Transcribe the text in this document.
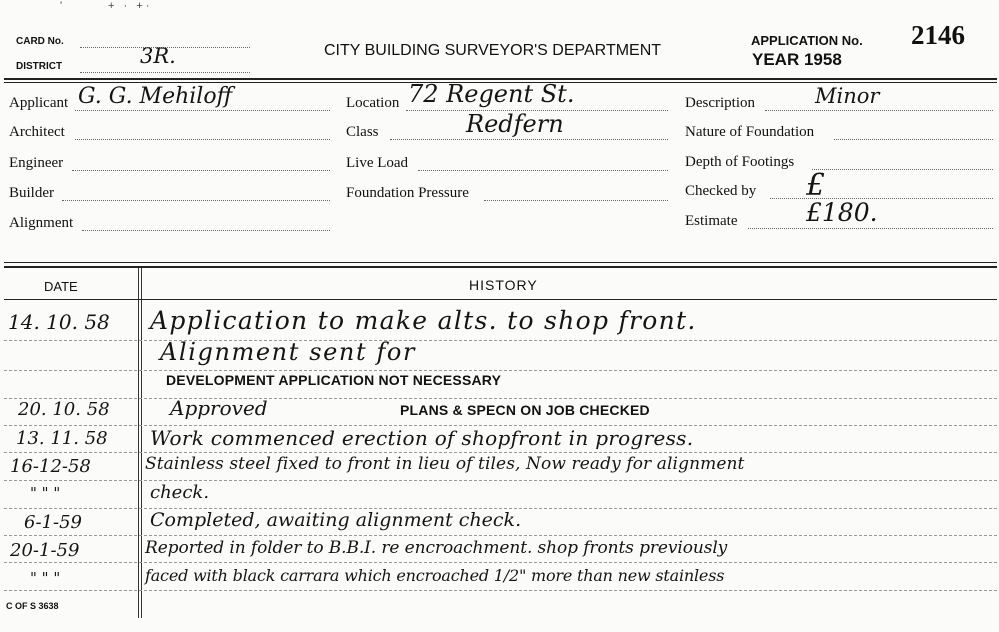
'               +   ·   + ·
CARD No.
DISTRICT	3R.	CITY BUILDING SURVEYOR'S DEPARTMENT
APPLICATION No. 2146
YEAR 1958
Applicant G. G. Mehiloff
Architect
Engineer
Builder
Alignment
Location 72 Regent St.
Class	Redfern
Live Load
Foundation Pressure
Description	Minor
Nature of Foundation
Depth of Footings
Checked by £
Estimate	£180.
DATE	HISTORY
14. 10. 58 Application to make alts. to shop front.
Alignment sent for
DEVELOPMENT APPLICATION NOT NECESSARY
20. 10. 58	Approved	PLANS & SPECN ON JOB CHECKED
13. 11. 58 Work commenced erection of shopfront in progress.
16-12-58	Stainless steel fixed to front in lieu of tiles, Now ready for alignment
" " "	check.
6-1-59	Completed, awaiting alignment check.
20-1-59	Reported in folder to B.B.I. re encroachment. shop fronts previously
" " "	faced with black carrara which encroached 1/2" more than new stainless
C OF S 3638
